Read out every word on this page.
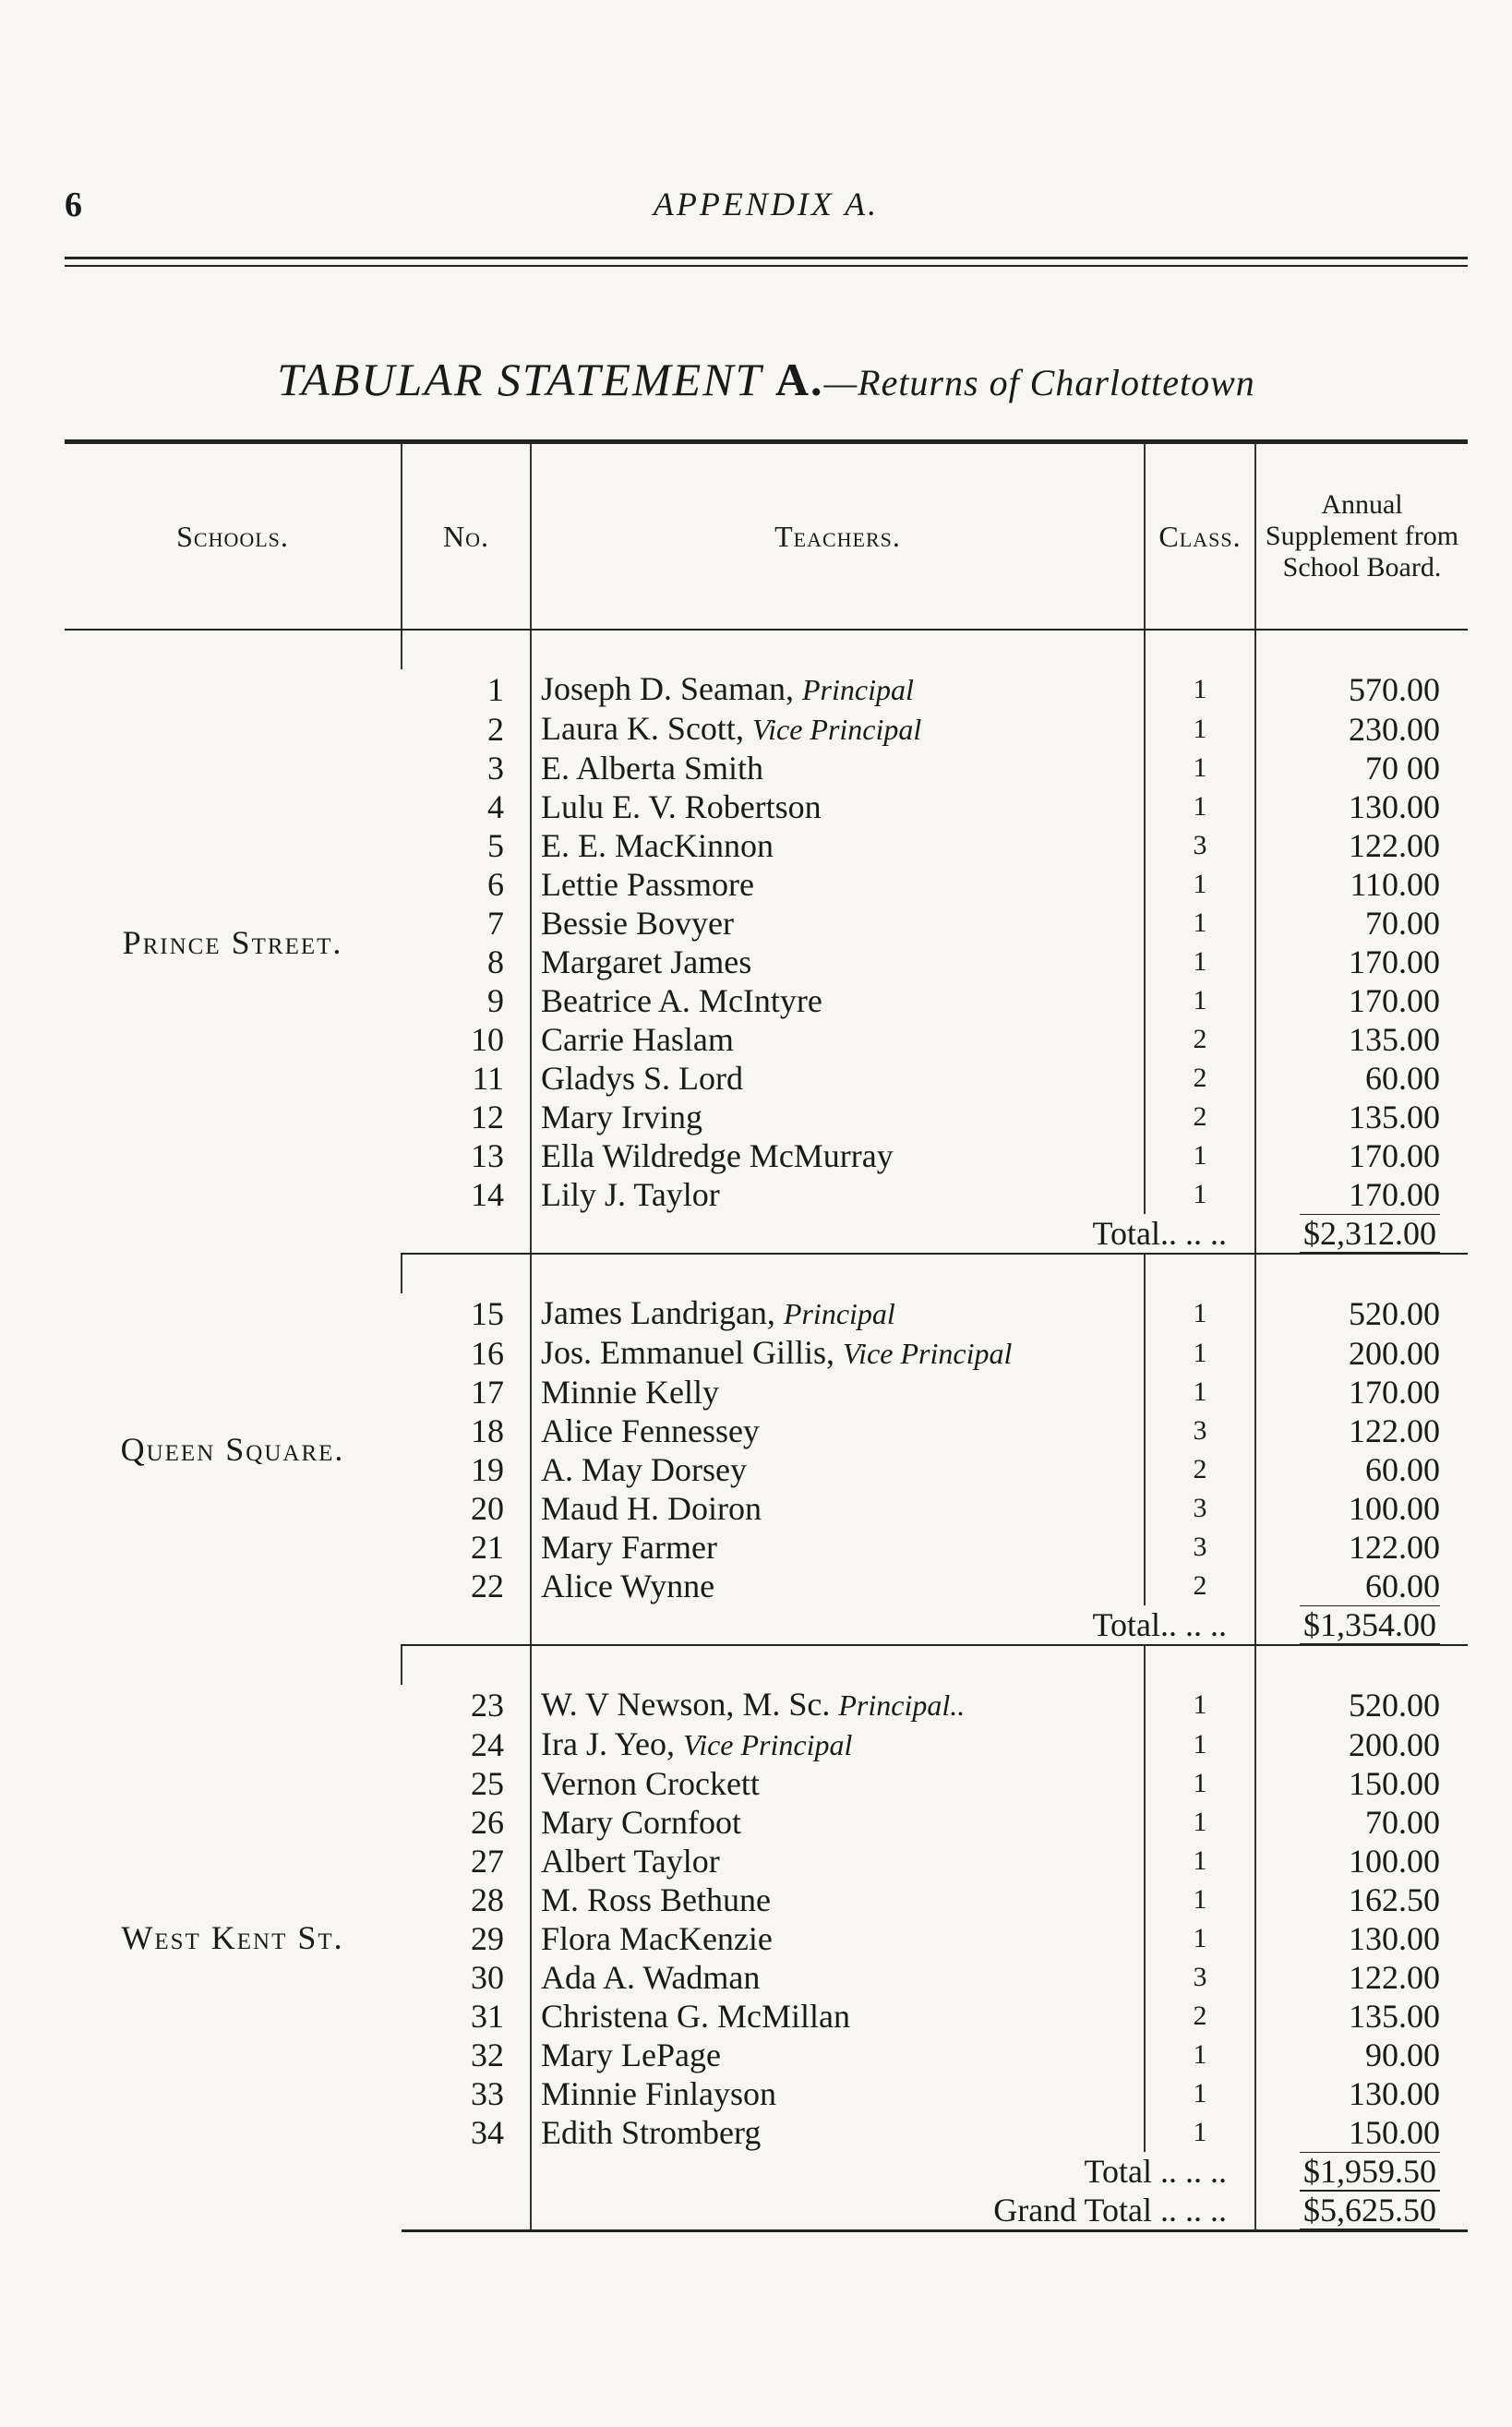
6	APPENDIX A.
TABULAR STATEMENT A.—Returns of Charlottetown

Schools.	No.	Teachers.	Class.	Annual Supplement from School Board.
Prince Street.				
	1	Joseph D. Seaman, Principal	1	570.00
	2	Laura K. Scott, Vice Principal	1	230.00
	3	E. Alberta Smith	1	70 00
	4	Lulu E. V. Robertson	1	130.00
	5	E. E. MacKinnon	3	122.00
	6	Lettie Passmore	1	110.00
	7	Bessie Bovyer	1	70.00
	8	Margaret James	1	170.00
	9	Beatrice A. McIntyre	1	170.00
	10	Carrie Haslam	2	135.00
	11	Gladys S. Lord	2	60.00
	12	Mary Irving	2	135.00
	13	Ella Wildredge McMurray	1	170.00
	14	Lily J. Taylor	1	170.00
		Total.. .. ..		$2,312.00
Queen Square.				
	15	James Landrigan, Principal	1	520.00
	16	Jos. Emmanuel Gillis, Vice Principal	1	200.00
	17	Minnie Kelly	1	170.00
	18	Alice Fennessey	3	122.00
	19	A. May Dorsey	2	60.00
	20	Maud H. Doiron	3	100.00
	21	Mary Farmer	3	122.00
	22	Alice Wynne	2	60.00
		Total.. .. ..		$1,354.00
West Kent St.				
	23	W. V Newson, M. Sc. Principal..	1	520.00
	24	Ira J. Yeo, Vice Principal	1	200.00
	25	Vernon Crockett	1	150.00
	26	Mary Cornfoot	1	70.00
	27	Albert Taylor	1	100.00
	28	M. Ross Bethune	1	162.50
	29	Flora MacKenzie	1	130.00
	30	Ada A. Wadman	3	122.00
	31	Christena G. McMillan	2	135.00
	32	Mary LePage	1	90.00
	33	Minnie Finlayson	1	130.00
	34	Edith Stromberg	1	150.00
		Total .. .. ..		$1,959.50
		Grand Total .. .. ..		$5,625.50
